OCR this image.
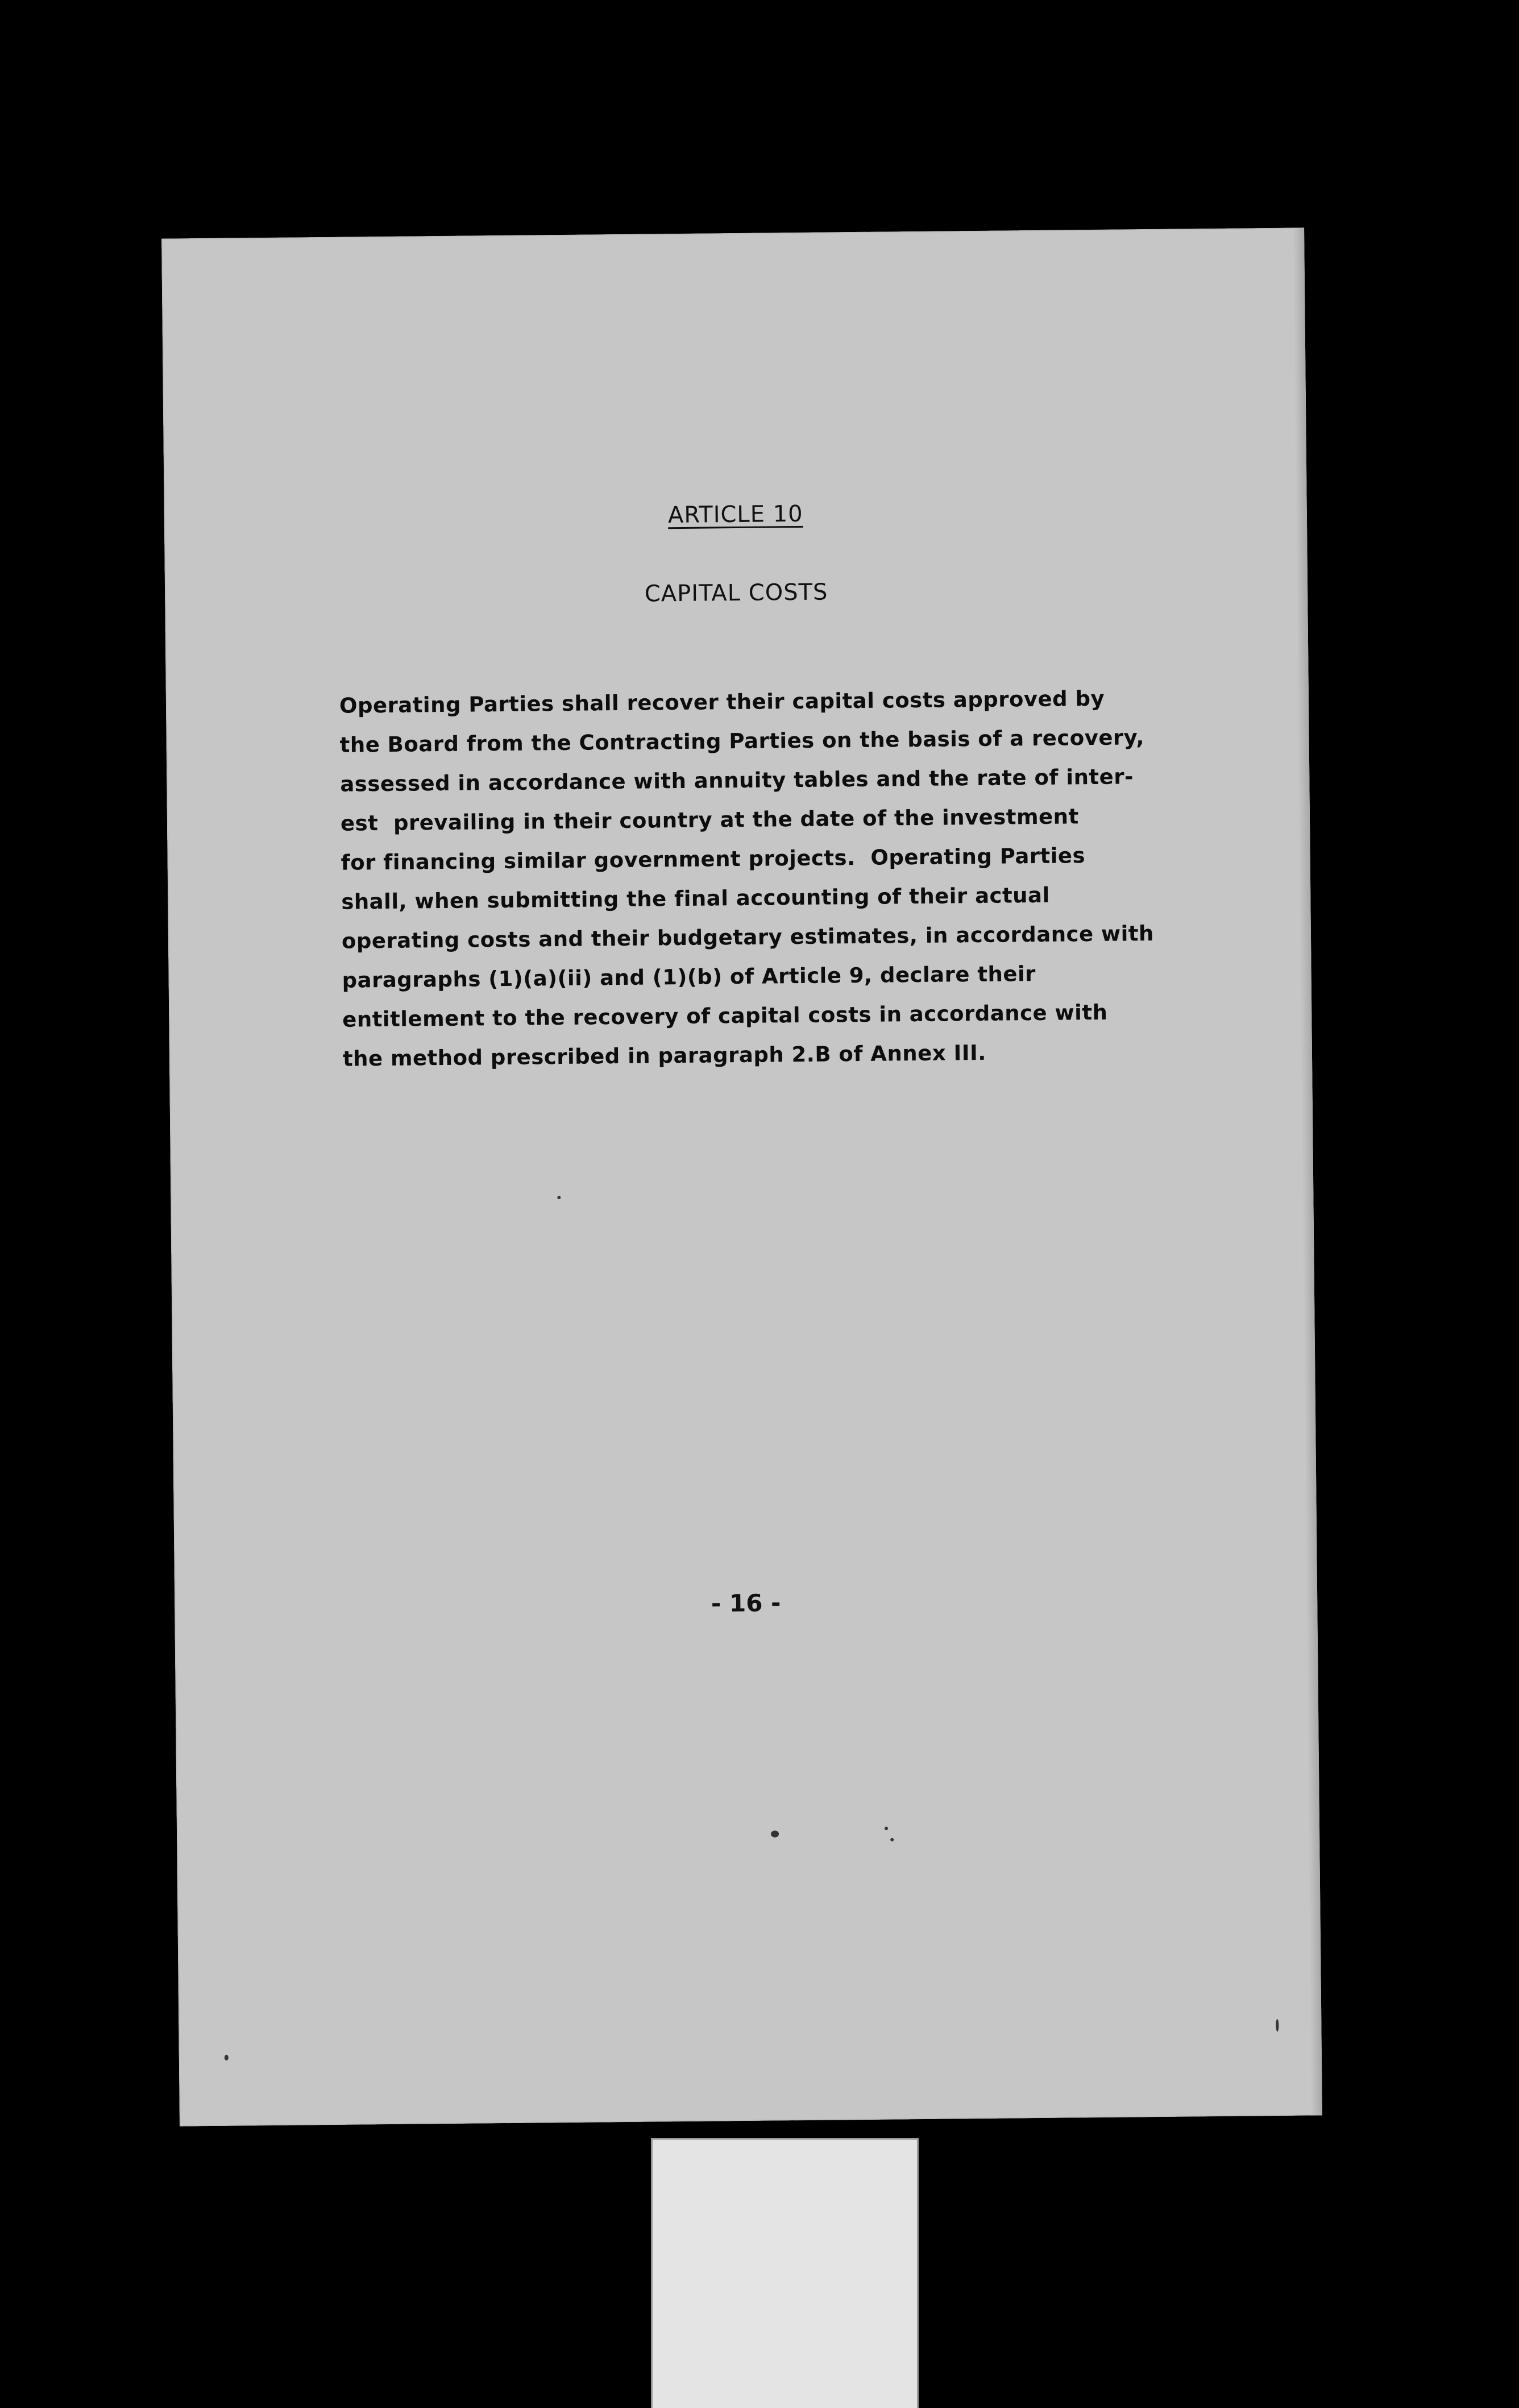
ARTICLE 10
CAPITAL COSTS
Operating Parties shall recover their capital costs approved by
the Board from the Contracting Parties on the basis of a recovery,
assessed in accordance with annuity tables and the rate of inter-
est  prevailing in their country at the date of the investment
for financing similar government projects.  Operating Parties
shall, when submitting the final accounting of their actual
operating costs and their budgetary estimates, in accordance with
paragraphs (1)(a)(ii) and (1)(b) of Article 9, declare their
entitlement to the recovery of capital costs in accordance with
the method prescribed in paragraph 2.B of Annex III.
- 16 -
